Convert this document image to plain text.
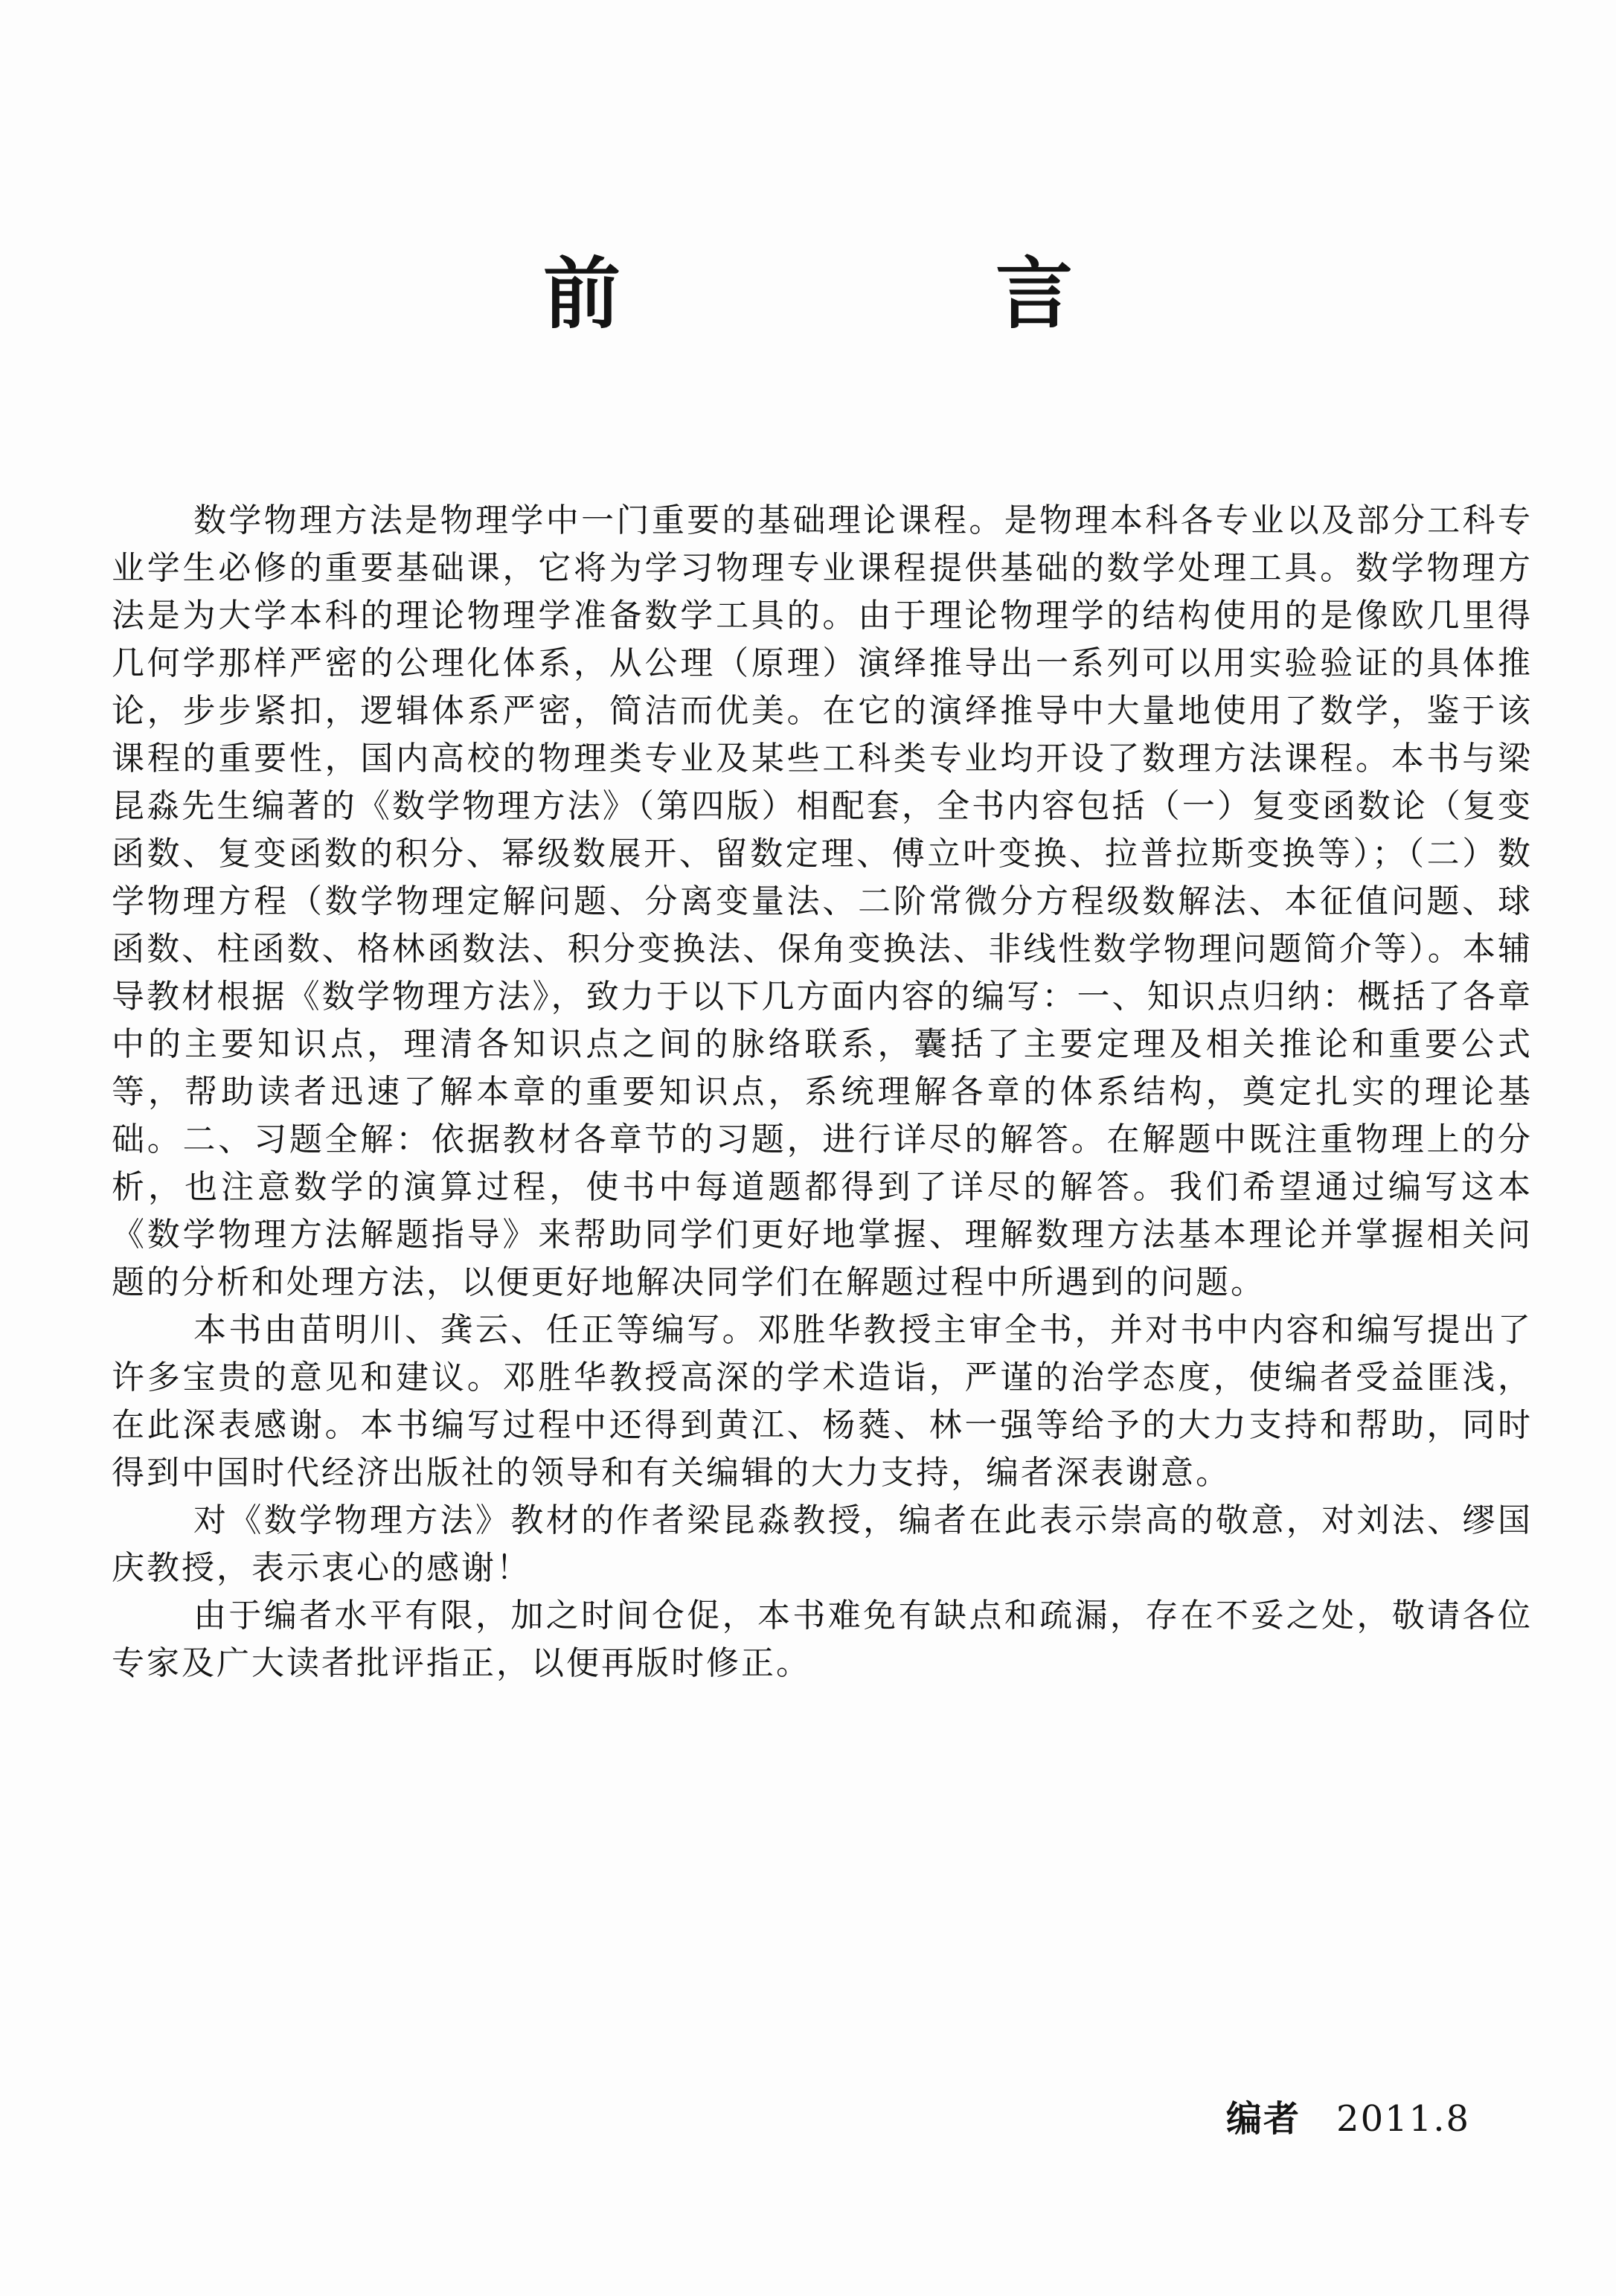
前　言

数学物理方法是物理学中一门重要的基础理论课程。是物理本科各专业以及部分工科专业学生必修的重要基础课，它将为学习物理专业课程提供基础的数学处理工具。数学物理方法是为大学本科的理论物理学准备数学工具的。由于理论物理学的结构使用的是像欧几里得几何学那样严密的公理化体系，从公理（原理）演绎推导出一系列可以用实验验证的具体推论，步步紧扣，逻辑体系严密，简洁而优美。在它的演绎推导中大量地使用了数学，鉴于该课程的重要性，国内高校的物理类专业及某些工科类专业均开设了数理方法课程。本书与梁昆淼先生编著的《数学物理方法》（第四版）相配套，全书内容包括（一）复变函数论（复变函数、复变函数的积分、幂级数展开、留数定理、傅立叶变换、拉普拉斯变换等）；（二）数学物理方程（数学物理定解问题、分离变量法、二阶常微分方程级数解法、本征值问题、球函数、柱函数、格林函数法、积分变换法、保角变换法、非线性数学物理问题简介等）。本辅导教材根据《数学物理方法》，致力于以下几方面内容的编写：一、知识点归纳：概括了各章中的主要知识点，理清各知识点之间的脉络联系，囊括了主要定理及相关推论和重要公式等，帮助读者迅速了解本章的重要知识点，系统理解各章的体系结构，奠定扎实的理论基础。二、习题全解：依据教材各章节的习题，进行详尽的解答。在解题中既注重物理上的分析，也注意数学的演算过程，使书中每道题都得到了详尽的解答。我们希望通过编写这本《数学物理方法解题指导》来帮助同学们更好地掌握、理解数理方法基本理论并掌握相关问题的分析和处理方法，以便更好地解决同学们在解题过程中所遇到的问题。

本书由苗明川、龚云、任正等编写。邓胜华教授主审全书，并对书中内容和编写提出了许多宝贵的意见和建议。邓胜华教授高深的学术造诣，严谨的治学态度，使编者受益匪浅，在此深表感谢。本书编写过程中还得到黄江、杨蕤、林一强等给予的大力支持和帮助，同时得到中国时代经济出版社的领导和有关编辑的大力支持，编者深表谢意。

对《数学物理方法》教材的作者梁昆淼教授，编者在此表示崇高的敬意，对刘法、缪国庆教授，表示衷心的感谢！

由于编者水平有限，加之时间仓促，本书难免有缺点和疏漏，存在不妥之处，敬请各位专家及广大读者批评指正，以便再版时修正。

编者 2011.8
